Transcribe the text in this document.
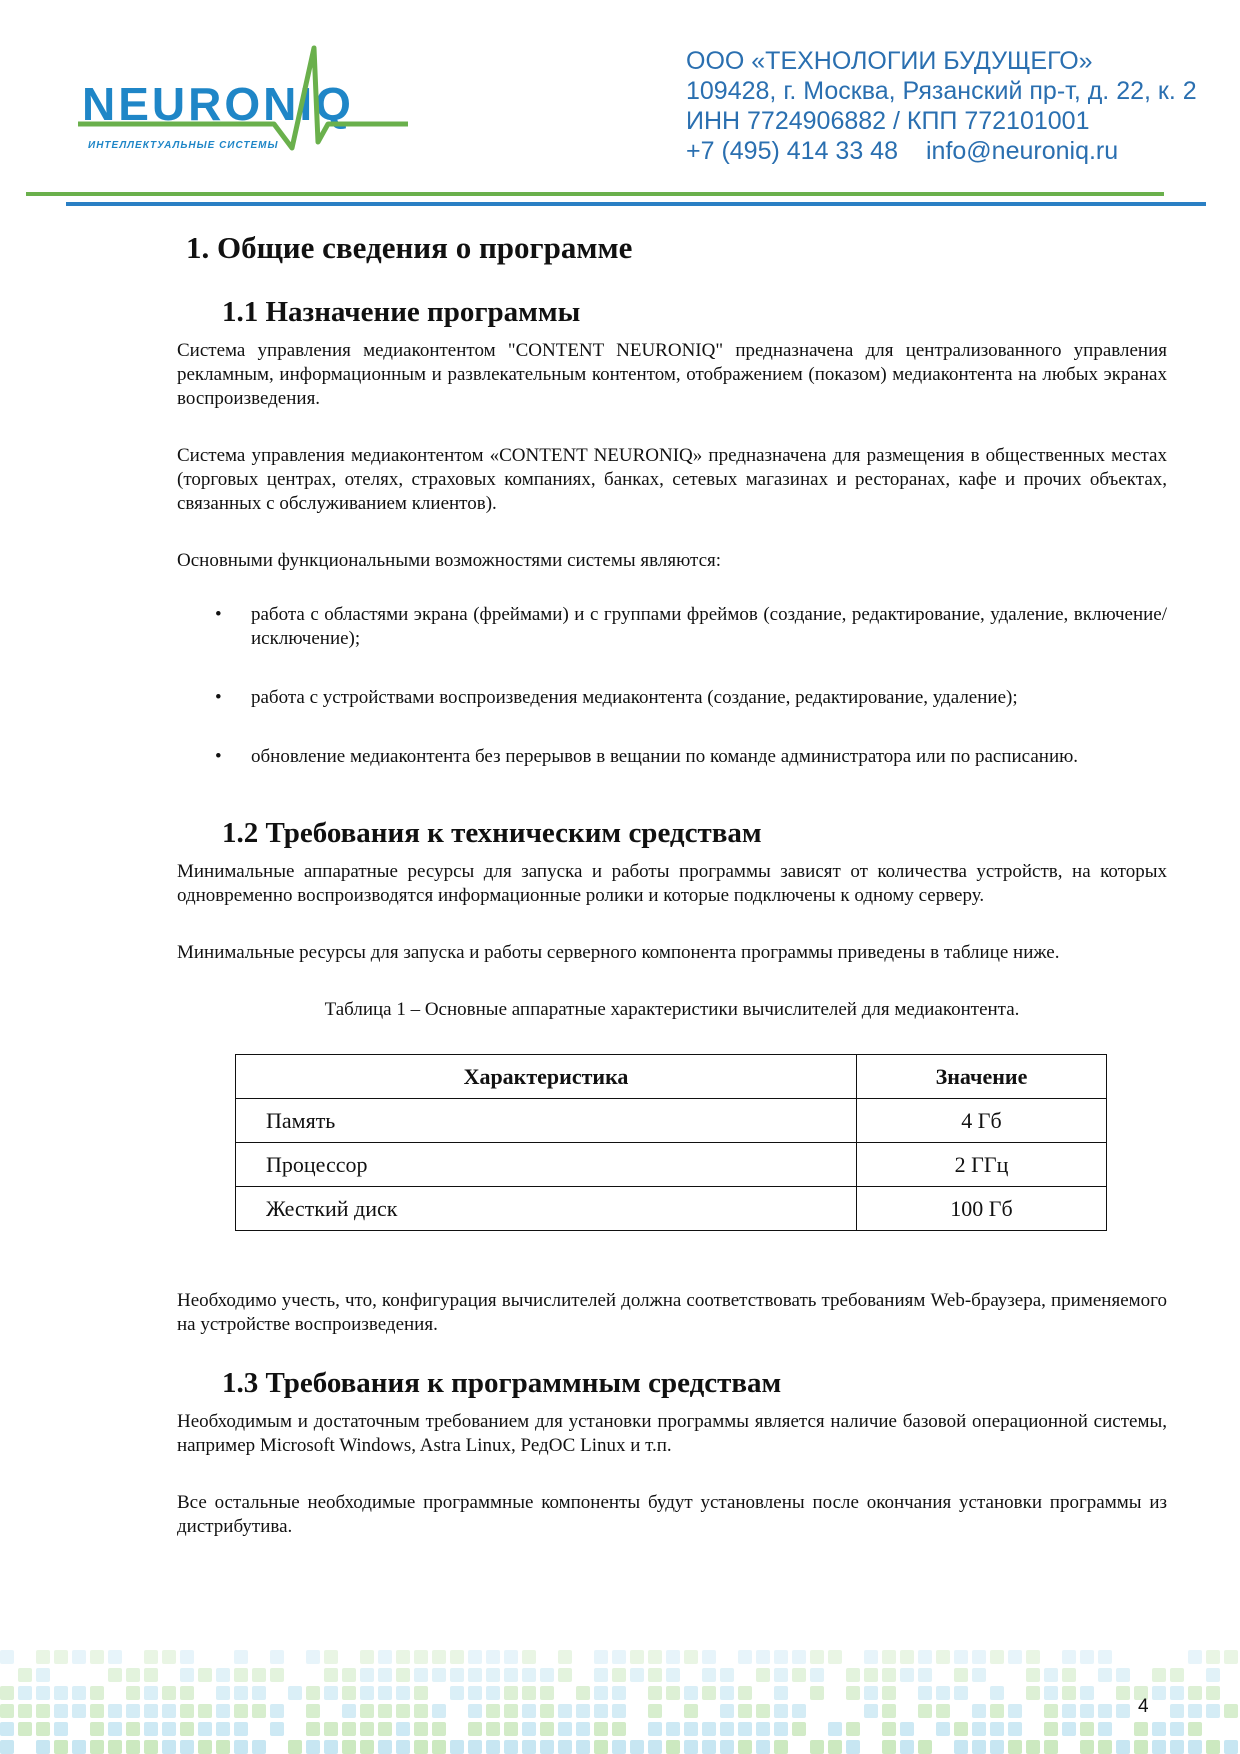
NEURONIQ
ИНТЕЛЛЕКТУАЛЬНЫЕ СИСТЕМЫ
ООО «ТЕХНОЛОГИИ БУДУЩЕГО»
109428, г. Москва, Рязанский пр-т, д. 22, к. 2
ИНН 7724906882 / КПП 772101001
+7 (495) 414 33 48 info@neuroniq.ru
1. Общие сведения о программе
1.1 Назначение программы

Система управления медиаконтентом "CONTENT NEURONIQ" предназначена для централизованного управления рекламным, информационным и развлекательным контентом, отображением (показом) медиаконтента на любых экранах воспроизведения.

Система управления медиаконтентом «CONTENT NEURONIQ» предназначена для размещения в общественных местах (торговых центрах, отелях, страховых компаниях, банках, сетевых магазинах и ресторанах, кафе и прочих объектах, связанных с обслуживанием клиентов).

Основными функциональными возможностями системы являются:

• работа с областями экрана (фреймами) и с группами фреймов (создание, редактирование, удаление, включение/исключение);
• работа с устройствами воспроизведения медиаконтента (создание, редактирование, удаление);
• обновление медиаконтента без перерывов в вещании по команде администратора или по расписанию.
1.2 Требования к техническим средствам

Минимальные аппаратные ресурсы для запуска и работы программы зависят от количества устройств, на которых одновременно воспроизводятся информационные ролики и которые подключены к одному серверу.

Минимальные ресурсы для запуска и работы серверного компонента программы приведены в таблице ниже.

Таблица 1 – Основные аппаратные характеристики вычислителей для медиаконтента.
Характеристика	Значение
Память	4 Гб
Процессор	2 ГГц
Жесткий диск	100 Гб

Необходимо учесть, что, конфигурация вычислителей должна соответствовать требованиям Web-браузера, применяемого на устройстве воспроизведения.

1.3 Требования к программным средствам

Необходимым и достаточным требованием для установки программы является наличие базовой операционной системы, например Microsoft Windows, Astra Linux, РедОС Linux и т.п.

Все остальные необходимые программные компоненты будут установлены после окончания установки программы из дистрибутива.

4
